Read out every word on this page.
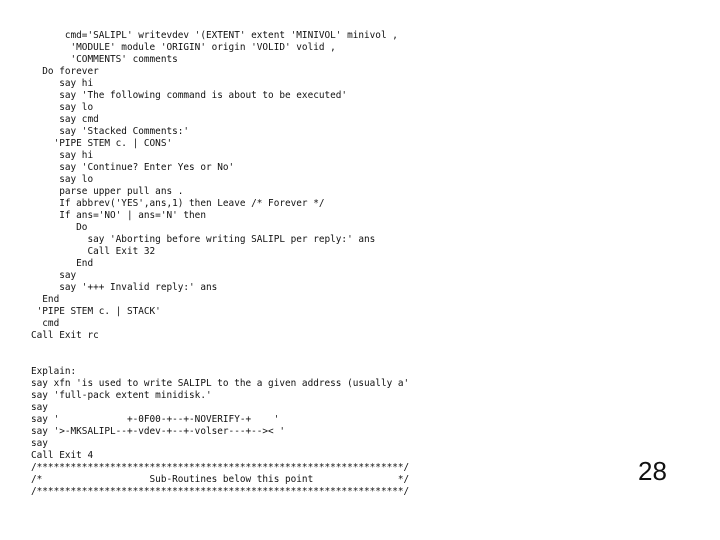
cmd='SALIPL' writevdev '(EXTENT' extent 'MINIVOL' minivol ,
'MODULE' module 'ORIGIN' origin 'VOLID' volid ,
'COMMENTS' comments
Do forever
say hi
say 'The following command is about to be executed'
say lo
say cmd
say 'Stacked Comments:'
'PIPE STEM c. | CONS'
say hi
say 'Continue? Enter Yes or No'
say lo
parse upper pull ans .
If abbrev('YES',ans,1) then Leave /* Forever */
If ans='NO' | ans='N' then
Do
say 'Aborting before writing SALIPL per reply:' ans
Call Exit 32
End
say
say '+++ Invalid reply:' ans
End
'PIPE STEM c. | STACK'
cmd
Call Exit rc
Explain:
say xfn 'is used to write SALIPL to the a given address (usually a'
say 'full-pack extent minidisk.'
say
say '            +-0F00-+--+-NOVERIFY-+    '
say '>-MKSALIPL--+-vdev-+--+-volser---+-->< '
say
Call Exit 4
/*****************************************************************/
/*                   Sub-Routines below this point               */
/*****************************************************************/
28
